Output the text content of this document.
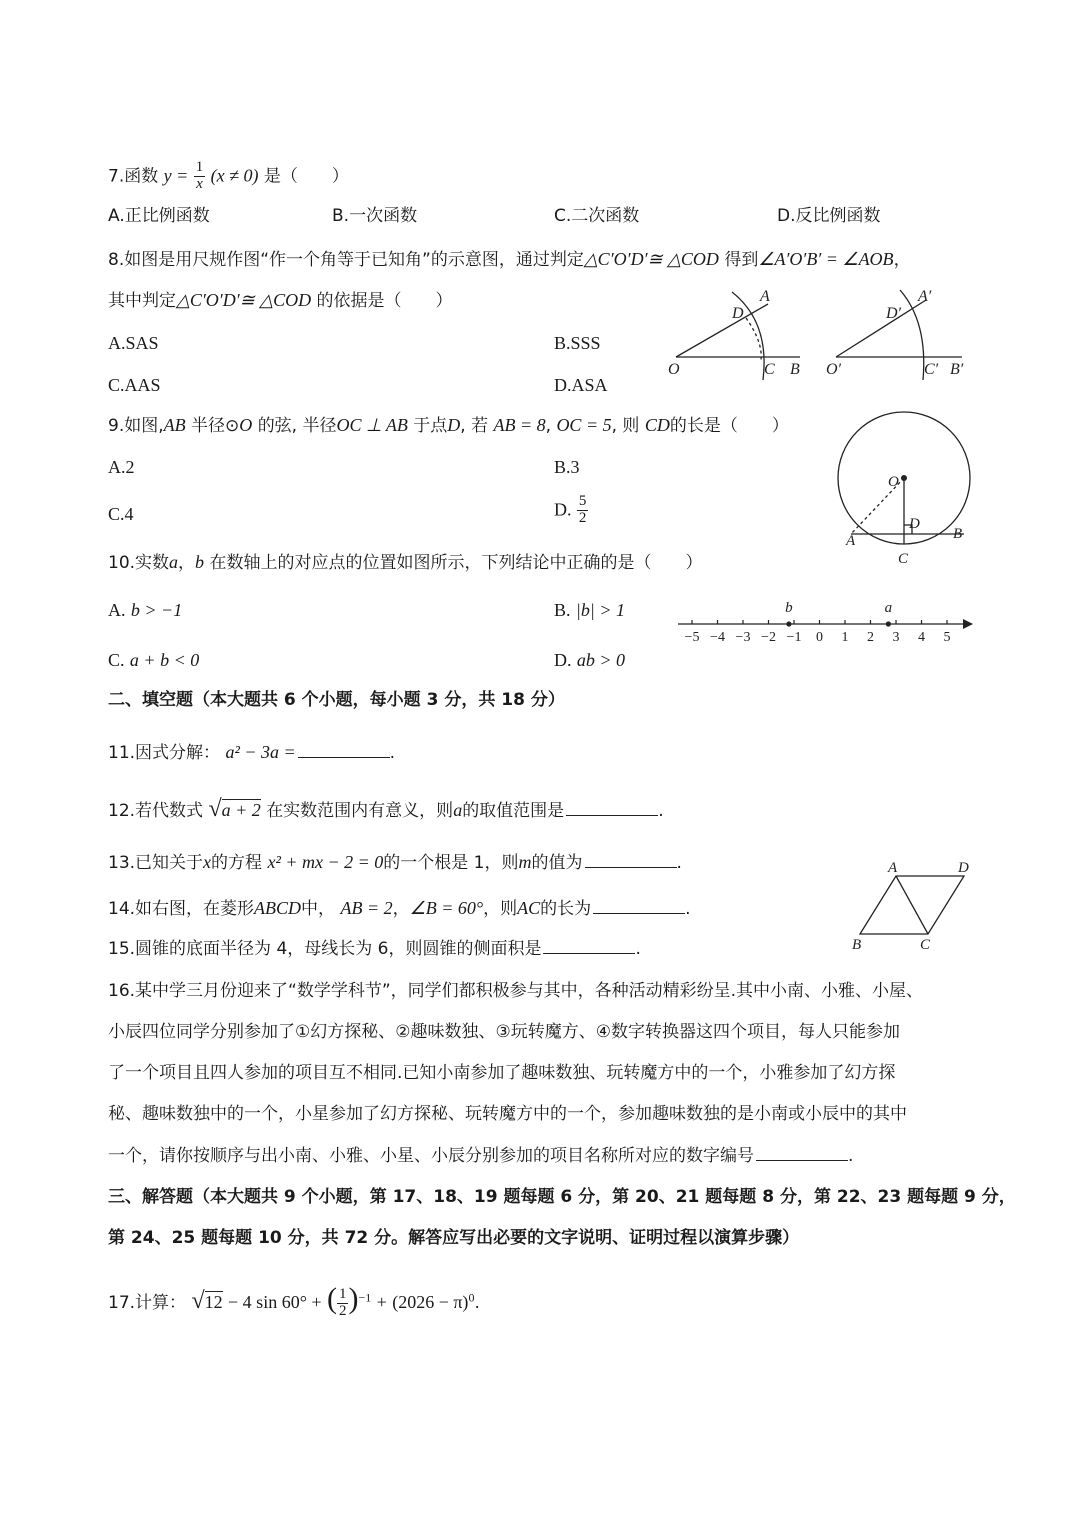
7.函数 $y = \frac{1}{x} (x \ne 0)$ 是（　　）
A.正比例函数	B.一次函数	C.二次函数	D.反比例函数
8.如图是用尺规作图“作一个角等于已知角”的示意图，通过判定△C′O′D′≅ △COD 得到∠A′O′B′ = ∠AOB，
其中判定△C′O′D′≅ △COD 的依据是（　　）
A.SAS	B.SSS
C.AAS	D.ASA
A
D
O	C B
A′
D′
O′	C′ B′
9.如图,AB 半径⊙O 的弦, 半径OC ⊥ AB 于点D, 若 AB = 8, OC = 5, 则 CD的长是（　　）
A.2	B.3
C.4	D. $\frac{5}{2}$
O
D
A	B
C
10.实数a，b 在数轴上的对应点的位置如图所示，下列结论中正确的是（　　）
A. b > −1	B. |b| > 1
C. a + b < 0	D. ab > 0
−5 −4 −3 −2 −1 0 1 2 3 4 5
b	a
二、填空题（本大题共 6 个小题，每小题 3 分，共 18 分）
11.因式分解： a² − 3a =	.
12.若代数式 √a + 2 在实数范围内有意义，则a的取值范围是	.
13.已知关于x的方程 x² + mx − 2 = 0的一个根是 1，则m的值为	.
14.如右图，在菱形ABCD中， AB = 2，∠B = 60°，则AC的长为	.
A	D
B	C
15.圆锥的底面半径为 4，母线长为 6，则圆锥的侧面积是	.
16.某中学三月份迎来了“数学学科节”，同学们都积极参与其中，各种活动精彩纷呈.其中小南、小雅、小屋、
小辰四位同学分别参加了①幻方探秘、②趣味数独、③玩转魔方、④数字转换器这四个项目，每人只能参加
了一个项目且四人参加的项目互不相同.已知小南参加了趣味数独、玩转魔方中的一个，小雅参加了幻方探
秘、趣味数独中的一个，小星参加了幻方探秘、玩转魔方中的一个，参加趣味数独的是小南或小辰中的其中
一个，请你按顺序与出小南、小雅、小星、小辰分别参加的项目名称所对应的数字编号	.
三、解答题（本大题共 9 个小题，第 17、18、19 题每题 6 分，第 20、21 题每题 8 分，第 22、23 题每题 9 分，
第 24、25 题每题 10 分，共 72 分。解答应写出必要的文字说明、证明过程以演算步骤）
17.计算： √12 − 4 sin 60° + ( $\frac{1}{2} )^{-1} + (2026 - \pi)^0$.
